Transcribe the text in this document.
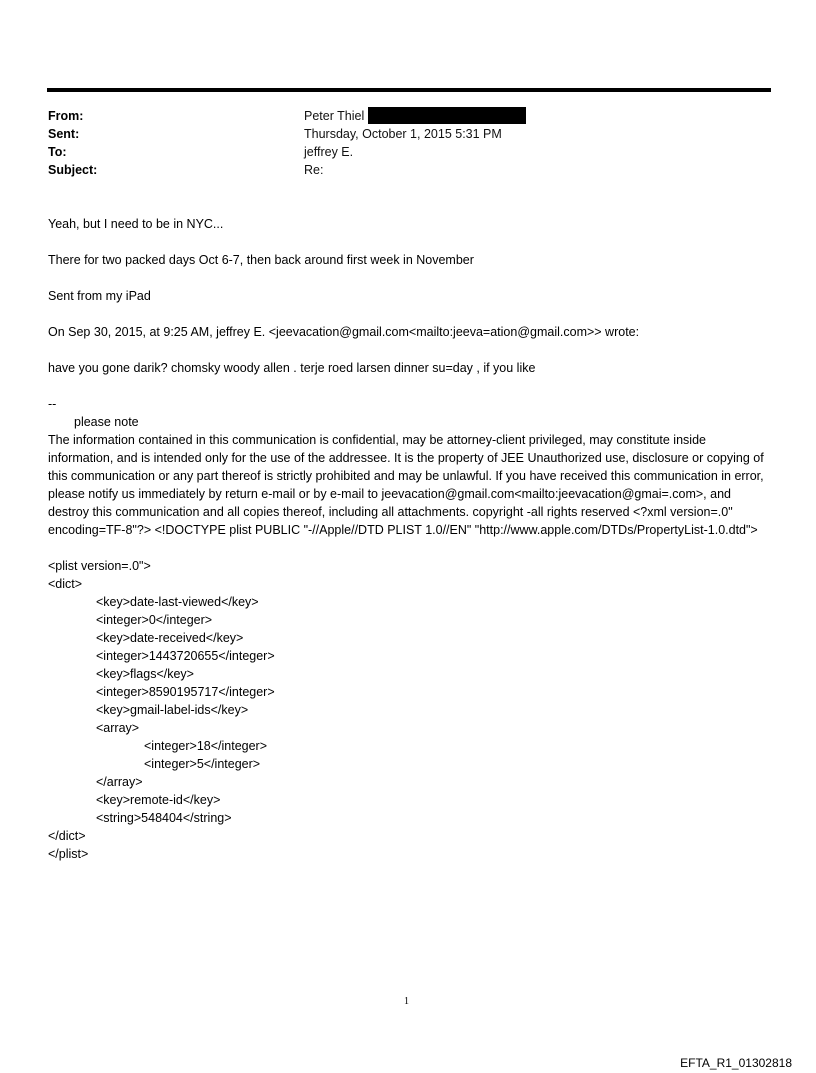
From:	Peter Thiel
Sent:	Thursday, October 1, 2015 5:31 PM
To:	jeffrey E.
Subject:	Re:
Yeah, but I need to be in NYC...
There for two packed days Oct 6-7, then back around first week in November
Sent from my iPad
On Sep 30, 2015, at 9:25 AM, jeffrey E. <jeevacation@gmail.com<mailto:jeeva=ation@gmail.com>> wrote:
have you gone darik? chomsky woody allen . terje roed larsen dinner su=day , if you like
--
please note
The information contained in this communication is confidential, may be attorney-client privileged, may constitute inside information, and is intended only for the use of the addressee. It is the property of JEE Unauthorized use, disclosure or copying of this communication or any part thereof is strictly prohibited and may be unlawful. If you have received this communication in error, please notify us immediately by return e-mail or by e-mail to jeevacation@gmail.com<mailto:jeevacation@gmai=.com>, and destroy this communication and all copies thereof, including all attachments. copyright -all rights reserved <?xml version=.0" encoding=TF-8"?> <!DOCTYPE plist PUBLIC "-//Apple//DTD PLIST 1.0//EN" "http://www.apple.com/DTDs/PropertyList-1.0.dtd">
<plist version=.0">
<dict>
<key>date-last-viewed</key>
<integer>0</integer>
<key>date-received</key>
<integer>1443720655</integer>
<key>flags</key>
<integer>8590195717</integer>
<key>gmail-label-ids</key>
<array>
<integer>18</integer>
<integer>5</integer>
</array>
<key>remote-id</key>
<string>548404</string>
</dict>
</plist>
1
EFTA_R1_01302818
